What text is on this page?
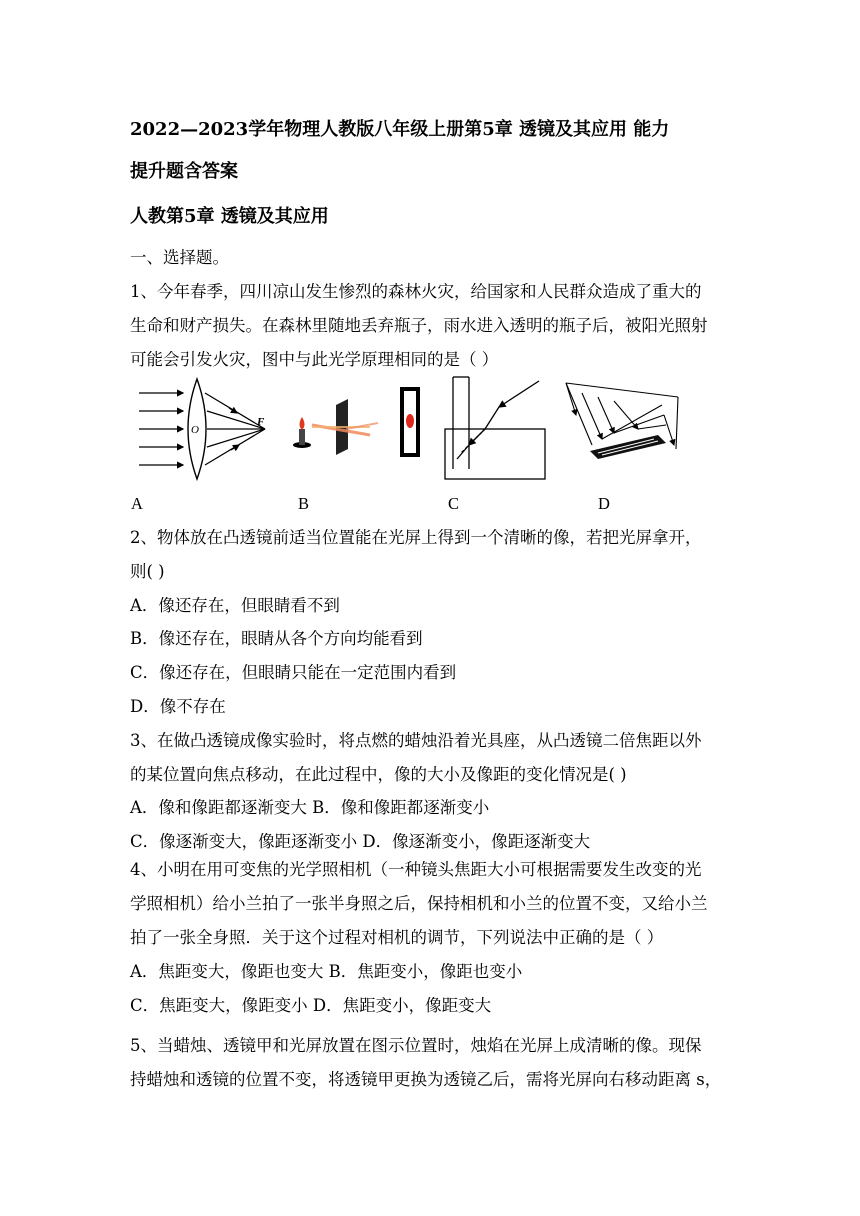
2022—2023学年物理人教版八年级上册第5章 透镜及其应用 能力
提升题含答案
人教第5章 透镜及其应用
一、选择题。
1、今年春季，四川凉山发生惨烈的森林火灾，给国家和人民群众造成了重大的
生命和财产损失。在森林里随地丢弃瓶子，雨水进入透明的瓶子后，被阳光照射
可能会引发火灾，图中与此光学原理相同的是（ ）
O
F
A	B	C	D
2、物体放在凸透镜前适当位置能在光屏上得到一个清晰的像，若把光屏拿开，
则( )
A．像还存在，但眼睛看不到
B．像还存在，眼睛从各个方向均能看到
C．像还存在，但眼睛只能在一定范围内看到
D．像不存在
3、在做凸透镜成像实验时，将点燃的蜡烛沿着光具座，从凸透镜二倍焦距以外
的某位置向焦点移动，在此过程中，像的大小及像距的变化情况是( )
A．像和像距都逐渐变大 B．像和像距都逐渐变小
C．像逐渐变大，像距逐渐变小 D．像逐渐变小，像距逐渐变大
4、小明在用可变焦的光学照相机（一种镜头焦距大小可根据需要发生改变的光
学照相机）给小兰拍了一张半身照之后，保持相机和小兰的位置不变，又给小兰
拍了一张全身照．关于这个过程对相机的调节，下列说法中正确的是（ ）
A．焦距变大，像距也变大 B．焦距变小，像距也变小
C．焦距变大，像距变小 D．焦距变小，像距变大
5、当蜡烛、透镜甲和光屏放置在图示位置时，烛焰在光屏上成清晰的像。现保
持蜡烛和透镜的位置不变，将透镜甲更换为透镜乙后，需将光屏向右移动距离 s，
